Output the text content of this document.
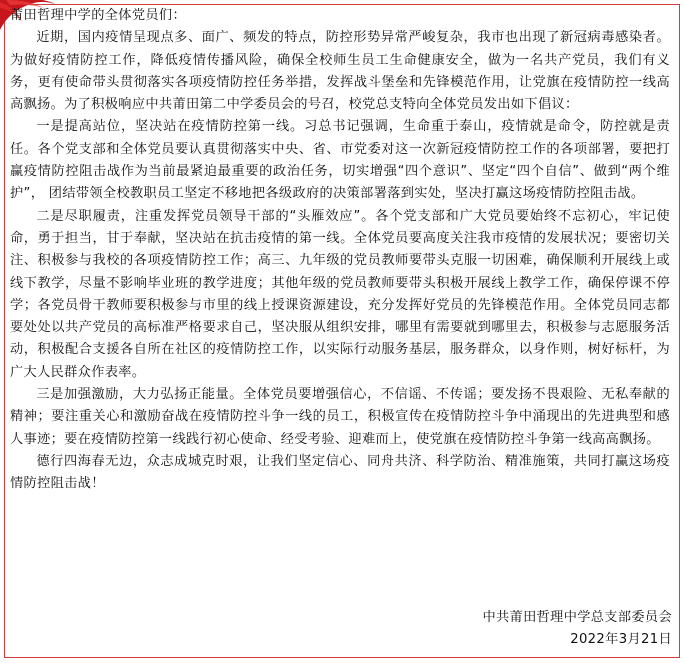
莆田哲理中学的全体党员们：

近期，国内疫情呈现点多、面广、频发的特点，防控形势异常严峻复杂，我市也出现了新冠病毒感染者。为做好疫情防控工作，降低疫情传播风险，确保全校师生员工生命健康安全，做为一名共产党员，我们有义务，更有使命带头贯彻落实各项疫情防控任务举措，发挥战斗堡垒和先锋模范作用，让党旗在疫情防控一线高高飘扬。为了积极响应中共莆田第二中学委员会的号召，校党总支特向全体党员发出如下倡议：

一是提高站位，坚决站在疫情防控第一线。习总书记强调，生命重于泰山，疫情就是命令，防控就是责任。各个党支部和全体党员要认真贯彻落实中央、省、市党委对这一次新冠疫情防控工作的各项部署，要把打赢疫情防控阻击战作为当前最紧迫最重要的政治任务，切实增强“四个意识”、坚定“四个自信”、做到“两个维护”， 团结带领全校教职员工坚定不移地把各级政府的决策部署落到实处，坚决打赢这场疫情防控阻击战。

二是尽职履责，注重发挥党员领导干部的“头雁效应”。各个党支部和广大党员要始终不忘初心，牢记使命，勇于担当，甘于奉献，坚决站在抗击疫情的第一线。全体党员要高度关注我市疫情的发展状况；要密切关注、积极参与我校的各项疫情防控工作；高三、九年级的党员教师要带头克服一切困难，确保顺利开展线上或线下教学，尽量不影响毕业班的教学进度；其他年级的党员教师要带头积极开展线上教学工作，确保停课不停学；各党员骨干教师要积极参与市里的线上授课资源建设，充分发挥好党员的先锋模范作用。全体党员同志都要处处以共产党员的高标准严格要求自己，坚决服从组织安排，哪里有需要就到哪里去，积极参与志愿服务活动，积极配合支援各自所在社区的疫情防控工作，以实际行动服务基层，服务群众，以身作则，树好标杆，为广大人民群众作表率。

三是加强激励，大力弘扬正能量。全体党员要增强信心，不信谣、不传谣；要发扬不畏艰险、无私奉献的精神；要注重关心和激励奋战在疫情防控斗争一线的员工，积极宣传在疫情防控斗争中涌现出的先进典型和感人事迹；要在疫情防控第一线践行初心使命、经受考验、迎难而上，使党旗在疫情防控斗争第一线高高飘扬。

德行四海春无边，众志成城克时艰，让我们坚定信心、同舟共济、科学防治、精准施策，共同打赢这场疫情防控阻击战！

中共莆田哲理中学总支部委员会
2022年3月21日
